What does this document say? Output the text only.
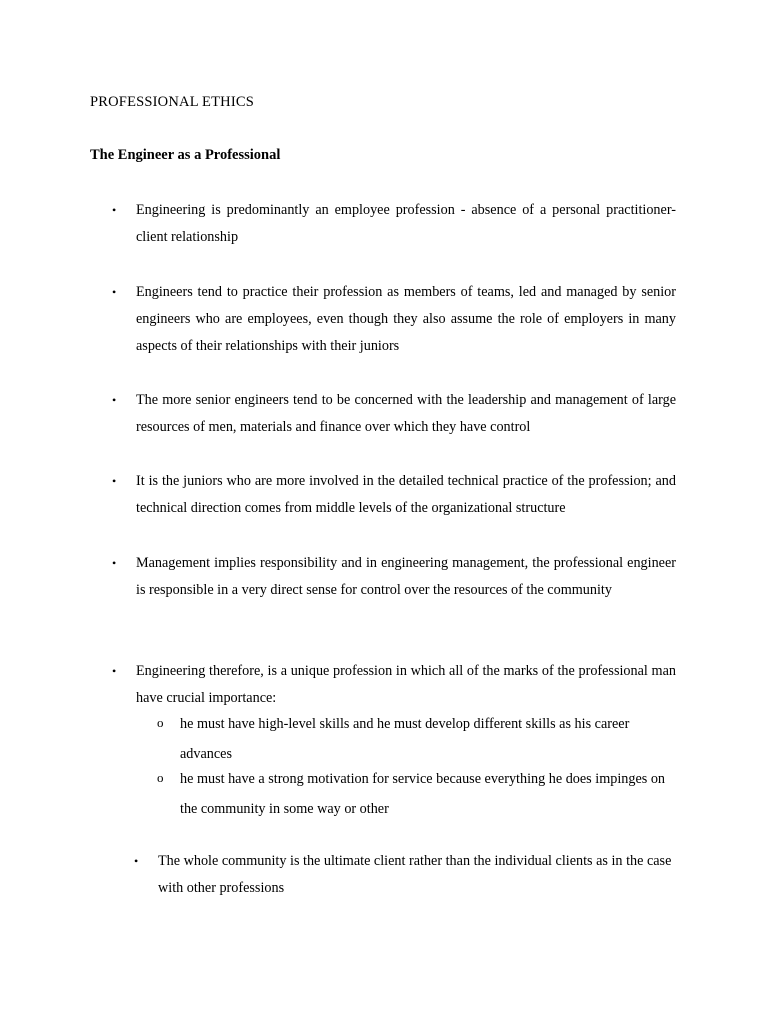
PROFESSIONAL ETHICS
The Engineer as a Professional
• Engineering is predominantly an employee profession - absence of a personal practitioner-client relationship

• Engineers tend to practice their profession as members of teams, led and managed by senior engineers who are employees, even though they also assume the role of employers in many aspects of their relationships with their juniors

• The more senior engineers tend to be concerned with the leadership and management of large resources of men, materials and finance over which they have control

• It is the juniors who are more involved in the detailed technical practice of the profession; and technical direction comes from middle levels of the organizational structure

• Management implies responsibility and in engineering management, the professional engineer is responsible in a very direct sense for control over the resources of the community

• Engineering therefore, is a unique profession in which all of the marks of the professional man have crucial importance:

o he must have high-level skills and he must develop different skills as his career advances

o he must have a strong motivation for service because everything he does impinges on the community in some way or other

• The whole community is the ultimate client rather than the individual clients as in the case with other professions
